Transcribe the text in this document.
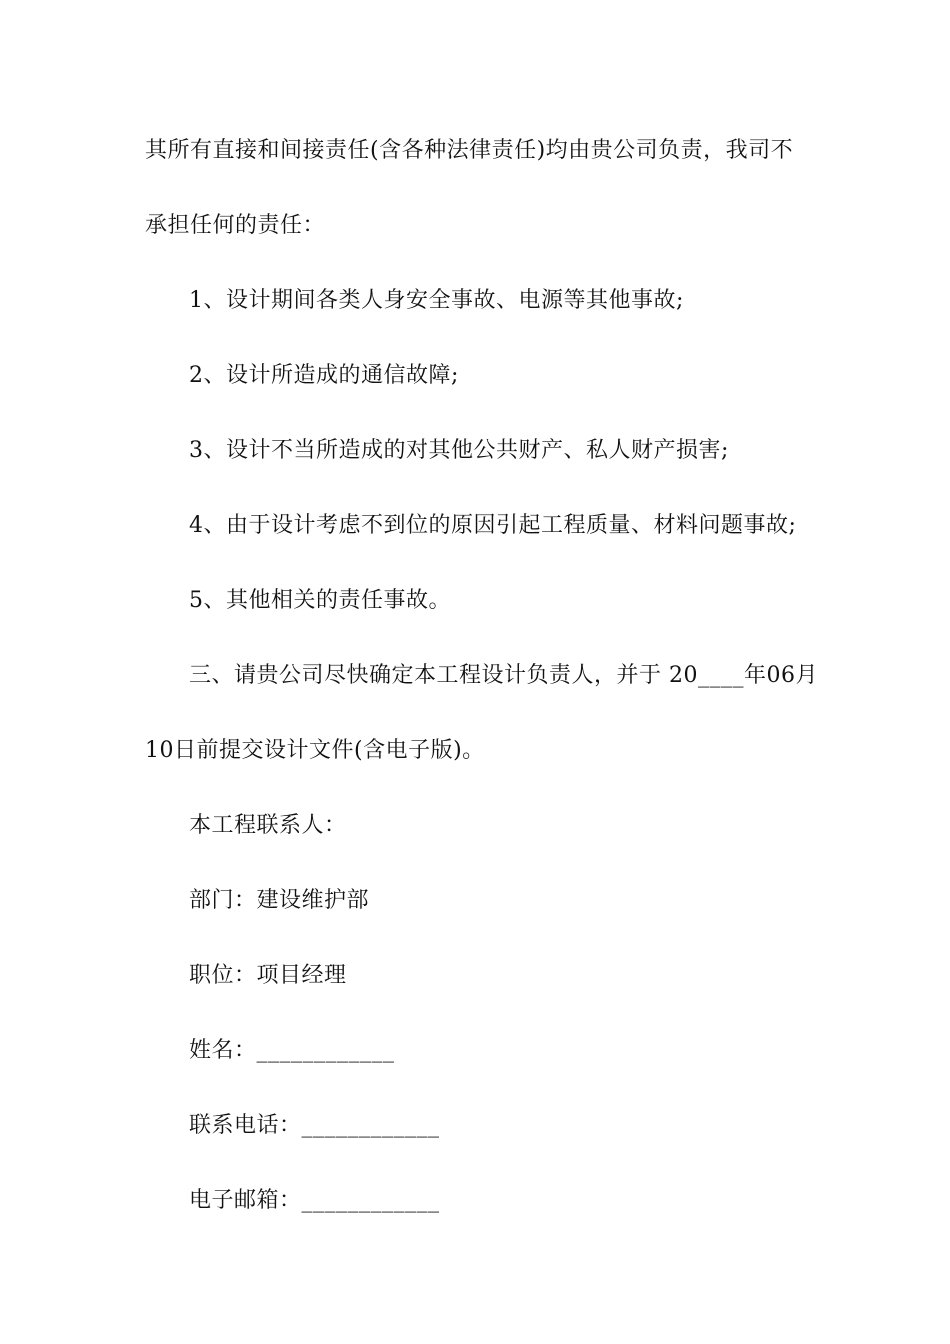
其所有直接和间接责任(含各种法律责任)均由贵公司负责，我司不
承担任何的责任：
1、设计期间各类人身安全事故、电源等其他事故;
2、设计所造成的通信故障;
3、设计不当所造成的对其他公共财产、私人财产损害;
4、由于设计考虑不到位的原因引起工程质量、材料问题事故;
5、其他相关的责任事故。
三、请贵公司尽快确定本工程设计负责人，并于 20____年06月
10日前提交设计文件(含电子版)。
本工程联系人：
部门：建设维护部
职位：项目经理
姓名：____________
联系电话：____________
电子邮箱：____________
